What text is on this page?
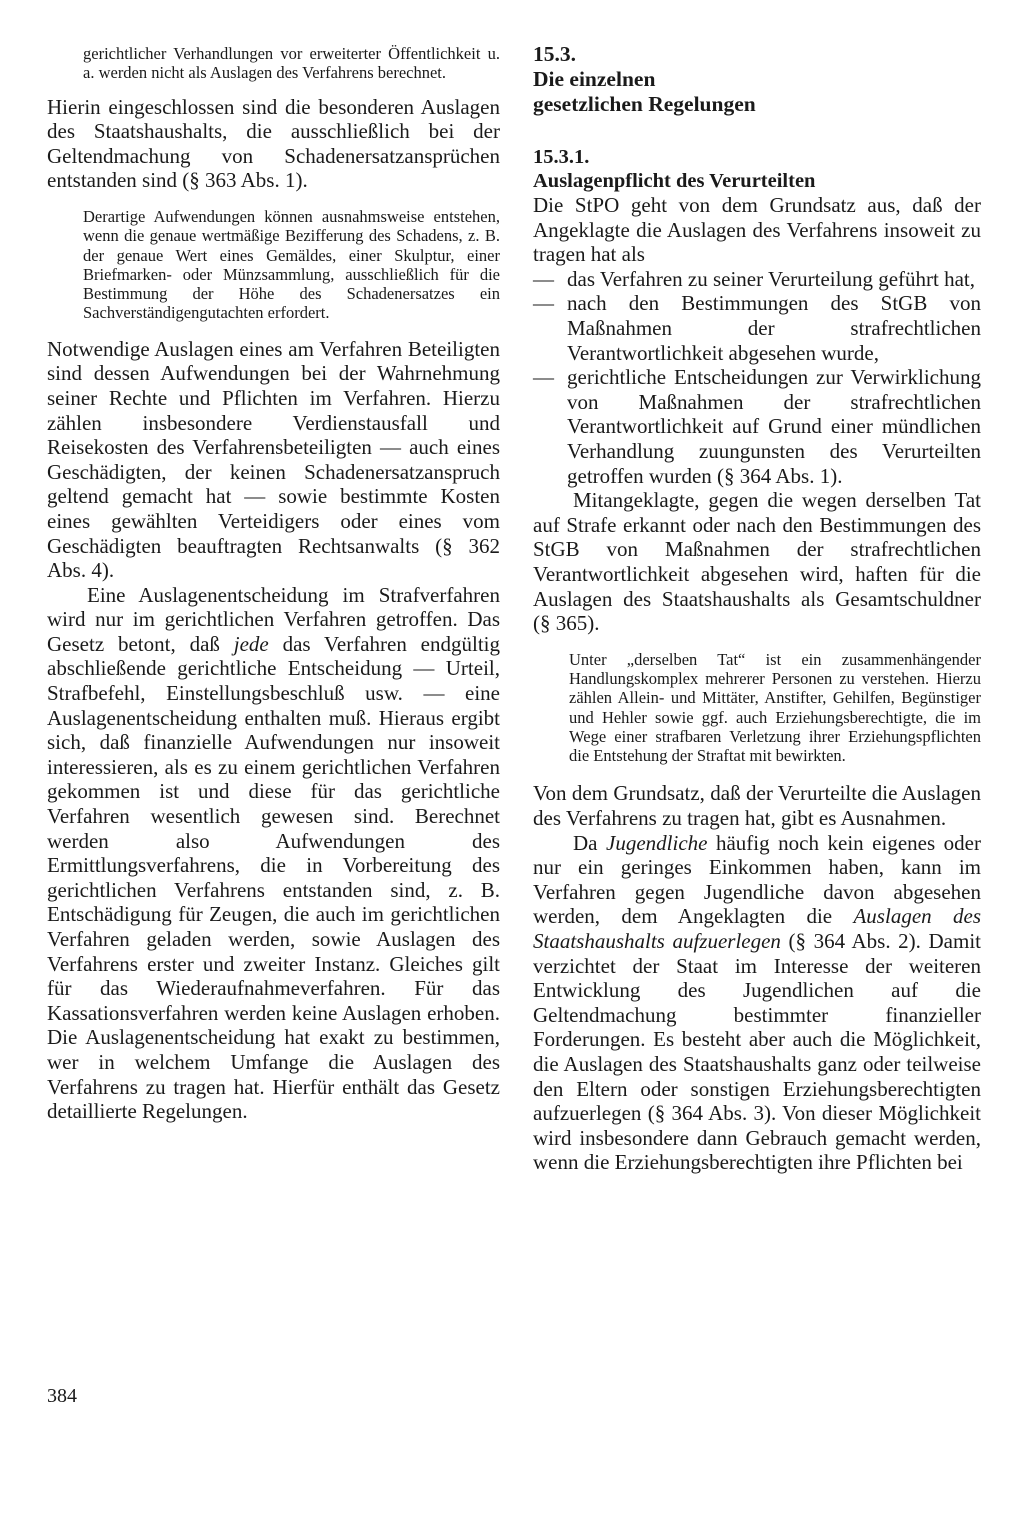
gerichtlicher Verhandlungen vor erweiterter Öffentlichkeit u. a. werden nicht als Auslagen des Verfahrens berechnet.

Hierin eingeschlossen sind die besonderen Auslagen des Staatshaushalts, die ausschließlich bei der Geltendmachung von Schadenersatzansprüchen entstanden sind (§ 363 Abs. 1).

Derartige Aufwendungen können ausnahmsweise entstehen, wenn die genaue wertmäßige Bezifferung des Schadens, z. B. der genaue Wert eines Gemäldes, einer Skulptur, einer Briefmarken- oder Münzsammlung, ausschließlich für die Bestimmung der Höhe des Schadenersatzes ein Sachverständigengutachten erfordert.

Notwendige Auslagen eines am Verfahren Beteiligten sind dessen Aufwendungen bei der Wahrnehmung seiner Rechte und Pflichten im Verfahren. Hierzu zählen insbesondere Verdienstausfall und Reisekosten des Verfahrensbeteiligten — auch eines Geschädigten, der keinen Schadenersatzanspruch geltend gemacht hat — sowie bestimmte Kosten eines gewählten Verteidigers oder eines vom Geschädigten beauftragten Rechtsanwalts (§ 362 Abs. 4).

Eine Auslagenentscheidung im Strafverfahren wird nur im gerichtlichen Verfahren getroffen. Das Gesetz betont, daß jede das Verfahren endgültig abschließende gerichtliche Entscheidung — Urteil, Strafbefehl, Einstellungsbeschluß usw. — eine Auslagenentscheidung enthalten muß. Hieraus ergibt sich, daß finanzielle Aufwendungen nur insoweit interessieren, als es zu einem gerichtlichen Verfahren gekommen ist und diese für das gerichtliche Verfahren wesentlich gewesen sind. Berechnet werden also Aufwendungen des Ermittlungsverfahrens, die in Vorbereitung des gerichtlichen Verfahrens entstanden sind, z. B. Entschädigung für Zeugen, die auch im gerichtlichen Verfahren geladen werden, sowie Auslagen des Verfahrens erster und zweiter Instanz. Gleiches gilt für das Wiederaufnahmeverfahren. Für das Kassationsverfahren werden keine Auslagen erhoben. Die Auslagenentscheidung hat exakt zu bestimmen, wer in welchem Umfange die Auslagen des Verfahrens zu tragen hat. Hierfür enthält das Gesetz detaillierte Regelungen.

15.3.
Die einzelnen
gesetzlichen Regelungen
15.3.1.
Auslagenpflicht des Verurteilten

Die StPO geht von dem Grundsatz aus, daß der Angeklagte die Auslagen des Verfahrens insoweit zu tragen hat als

— das Verfahren zu seiner Verurteilung geführt hat,
— nach den Bestimmungen des StGB von Maßnahmen der strafrechtlichen Verantwortlichkeit abgesehen wurde,
— gerichtliche Entscheidungen zur Verwirklichung von Maßnahmen der strafrechtlichen Verantwortlichkeit auf Grund einer mündlichen Verhandlung zuungunsten des Verurteilten getroffen wurden (§ 364 Abs. 1).

Mitangeklagte, gegen die wegen derselben Tat auf Strafe erkannt oder nach den Bestimmungen des StGB von Maßnahmen der strafrechtlichen Verantwortlichkeit abgesehen wird, haften für die Auslagen des Staatshaushalts als Gesamtschuldner (§ 365).

Unter „derselben Tat“ ist ein zusammenhängender Handlungskomplex mehrerer Personen zu verstehen. Hierzu zählen Allein- und Mittäter, Anstifter, Gehilfen, Begünstiger und Hehler sowie ggf. auch Erziehungsberechtigte, die im Wege einer strafbaren Verletzung ihrer Erziehungspflichten die Entstehung der Straftat mit bewirkten.

Von dem Grundsatz, daß der Verurteilte die Auslagen des Verfahrens zu tragen hat, gibt es Ausnahmen.

Da Jugendliche häufig noch kein eigenes oder nur ein geringes Einkommen haben, kann im Verfahren gegen Jugendliche davon abgesehen werden, dem Angeklagten die Auslagen des Staatshaushalts aufzuerlegen (§ 364 Abs. 2). Damit verzichtet der Staat im Interesse der weiteren Entwicklung des Jugendlichen auf die Geltendmachung bestimmter finanzieller Forderungen. Es besteht aber auch die Möglichkeit, die Auslagen des Staatshaushalts ganz oder teilweise den Eltern oder sonstigen Erziehungsberechtigten aufzuerlegen (§ 364 Abs. 3). Von dieser Möglichkeit wird insbesondere dann Gebrauch gemacht werden, wenn die Erziehungsberechtigten ihre Pflichten bei

384
